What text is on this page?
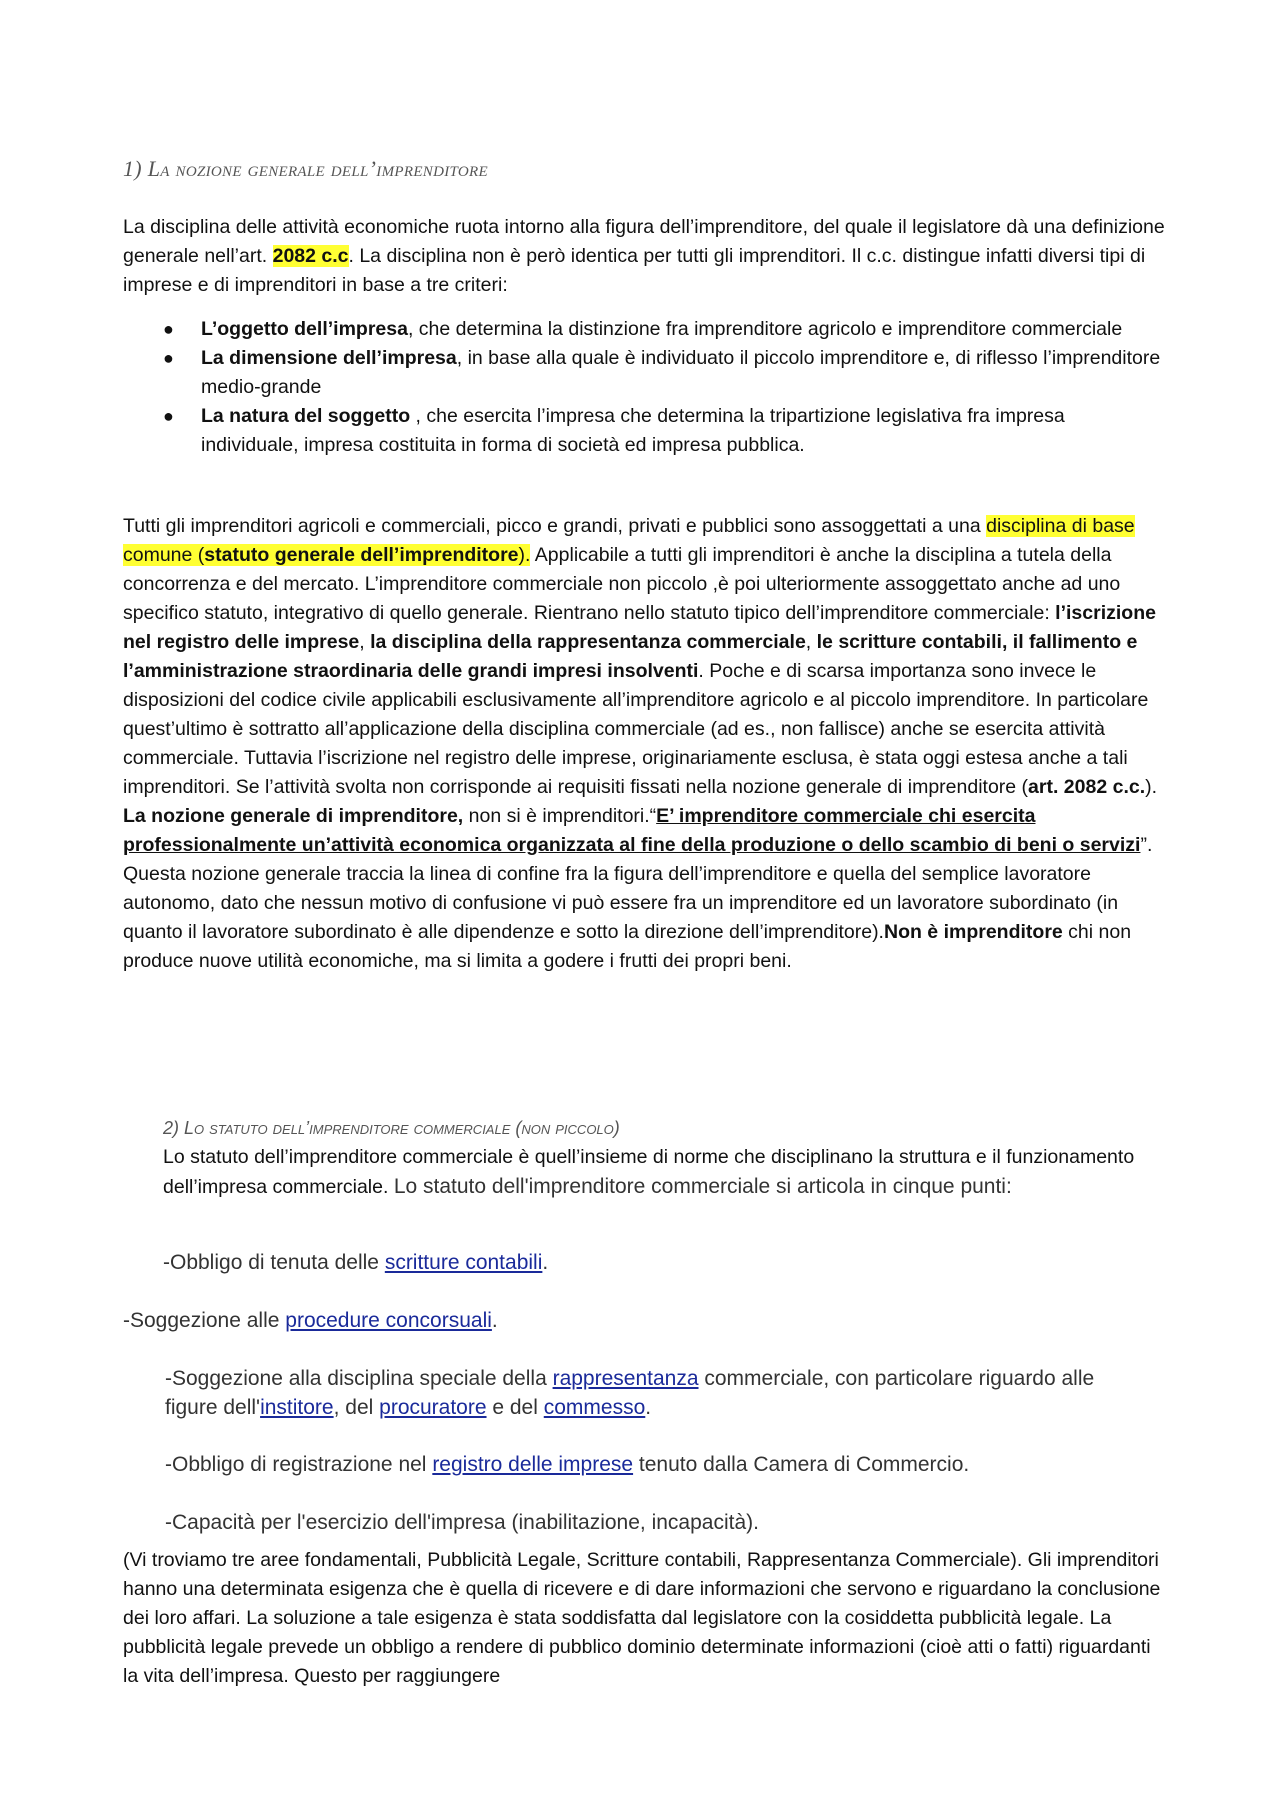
1) La nozione generale dell’imprenditore
La disciplina delle attività economiche ruota intorno alla figura dell’imprenditore, del quale il legislatore dà una definizione generale nell’art. 2082 c.c. La disciplina non è però identica per tutti gli imprenditori. Il c.c. distingue infatti diversi tipi di imprese e di imprenditori in base a tre criteri:
● L’oggetto dell’impresa, che determina la distinzione fra imprenditore agricolo e imprenditore commerciale
● La dimensione dell’impresa, in base alla quale è individuato il piccolo imprenditore e, di riflesso l’imprenditore medio-grande
● La natura del soggetto , che esercita l’impresa che determina la tripartizione legislativa fra impresa individuale, impresa costituita in forma di società ed impresa pubblica.
Tutti gli imprenditori agricoli e commerciali, picco e grandi, privati e pubblici sono assoggettati a una disciplina di base comune (statuto generale dell’imprenditore). Applicabile a tutti gli imprenditori è anche la disciplina a tutela della concorrenza e del mercato. L’imprenditore commerciale non piccolo ,è poi ulteriormente assoggettato anche ad uno specifico statuto, integrativo di quello generale. Rientrano nello statuto tipico dell’imprenditore commerciale: l’iscrizione nel registro delle imprese, la disciplina della rappresentanza commerciale, le scritture contabili, il fallimento e l’amministrazione straordinaria delle grandi impresi insolventi. Poche e di scarsa importanza sono invece le disposizioni del codice civile applicabili esclusivamente all’imprenditore agricolo e al piccolo imprenditore. In particolare quest’ultimo è sottratto all’applicazione della disciplina commerciale (ad es., non fallisce) anche se esercita attività commerciale. Tuttavia l’iscrizione nel registro delle imprese, originariamente esclusa, è stata oggi estesa anche a tali imprenditori. Se l’attività svolta non corrisponde ai requisiti fissati nella nozione generale di imprenditore (art. 2082 c.c.). La nozione generale di imprenditore, non si è imprenditori.“E’ imprenditore commerciale chi esercita professionalmente un’attività economica organizzata al fine della produzione o dello scambio di beni o servizi”. Questa nozione generale traccia la linea di confine fra la figura dell’imprenditore e quella del semplice lavoratore autonomo, dato che nessun motivo di confusione vi può essere fra un imprenditore ed un lavoratore subordinato (in quanto il lavoratore subordinato è alle dipendenze e sotto la direzione dell’imprenditore).Non è imprenditore chi non produce nuove utilità economiche, ma si limita a godere i frutti dei propri beni.
2) Lo statuto dell’imprenditore commerciale (non piccolo)
Lo statuto dell’imprenditore commerciale è quell’insieme di norme che disciplinano la struttura e il funzionamento dell’impresa commerciale. Lo statuto dell'imprenditore commerciale si articola in cinque punti:
-Obbligo di tenuta delle scritture contabili.
-Soggezione alle procedure concorsuali.
-Soggezione alla disciplina speciale della rappresentanza commerciale, con particolare riguardo alle figure dell'institore, del procuratore e del commesso.
-Obbligo di registrazione nel registro delle imprese tenuto dalla Camera di Commercio.
-Capacità per l'esercizio dell'impresa (inabilitazione, incapacità).
(Vi troviamo tre aree fondamentali, Pubblicità Legale, Scritture contabili, Rappresentanza Commerciale). Gli imprenditori hanno una determinata esigenza che è quella di ricevere e di dare informazioni che servono e riguardano la conclusione dei loro affari. La soluzione a tale esigenza è stata soddisfatta dal legislatore con la cosiddetta pubblicità legale. La pubblicità legale prevede un obbligo a rendere di pubblico dominio determinate informazioni (cioè atti o fatti) riguardanti la vita dell’impresa. Questo per raggiungere
